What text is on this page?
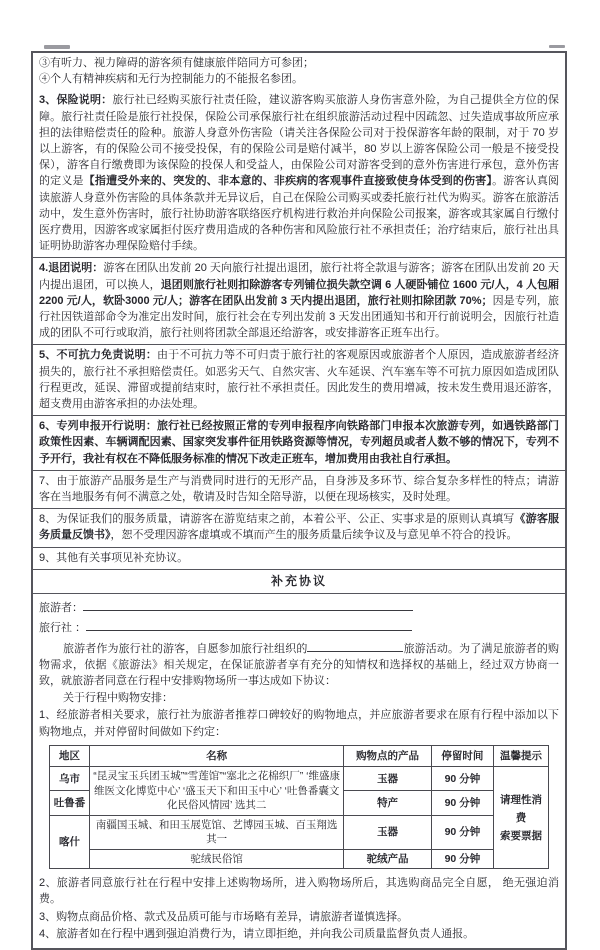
③有听力、视力障碍的游客须有健康旅伴陪同方可参团；
④个人有精神疾病和无行为控制能力的不能报名参团。
3、保险说明：旅行社已经购买旅行社责任险，建议游客购买旅游人身伤害意外险，为自己提供全方位的保障。旅行社责任险是旅行社投保，保险公司承保旅行社在组织旅游活动过程中因疏忽、过失造成事故所应承担的法律赔偿责任的险种。旅游人身意外伤害险（请关注各保险公司对于投保游客年龄的限制，对于 70 岁以上游客，有的保险公司不接受投保，有的保险公司是赔付减半，80 岁以上游客保险公司一般是不接受投保），游客自行缴费即为该保险的投保人和受益人，由保险公司对游客受到的意外伤害进行承包，意外伤害的定义是【指遭受外来的、突发的、非本意的、非疾病的客观事件直接致使身体受到的伤害】。游客认真阅读旅游人身意外伤害险的具体条款并无异议后，自己在保险公司购买或委托旅行社代为购买。游客在旅游活动中，发生意外伤害时，旅行社协助游客联络医疗机构进行救治并向保险公司报案，游客或其家属自行缴付医疗费用，因游客或家属拒付医疗费用造成的各种伤害和风险旅行社不承担责任；治疗结束后，旅行社出具证明协助游客办理保险赔付手续。
4.退团说明：游客在团队出发前 20 天向旅行社提出退团，旅行社将全款退与游客；游客在团队出发前 20 天内提出退团，可以换人，退团则旅行社则扣除游客专列铺位损失款空调 6 人硬卧铺位 1600 元/人，4 人包厢 2200 元/人，软卧3000 元/人；游客在团队出发前 3 天内提出退团，旅行社则扣除团款 70%；因是专列，旅行社因铁道部命令为准定出发时间，旅行社会在专列出发前 3 天发出团通知书和开行前说明会，因旅行社造成的团队不可行或取消，旅行社则将团款全部退还给游客，或安排游客正班车出行。
5、不可抗力免责说明：由于不可抗力等不可归责于旅行社的客观原因或旅游者个人原因，造成旅游者经济损失的，旅行社不承担赔偿责任。如恶劣天气、自然灾害、火车延误、汽车塞车等不可抗力原因如造成团队行程更改，延误、滞留或提前结束时，旅行社不承担责任。因此发生的费用增减，按未发生费用退还游客，超支费用由游客承担的办法处理。
6、专列申报开行说明：旅行社已经按照正常的专列申报程序向铁路部门申报本次旅游专列，如遇铁路部门政策性因素、车辆调配因素、国家突发事件征用铁路资源等情况，专列超员或者人数不够的情况下，专列不予开行，我社有权在不降低服务标准的情况下改走正班车，增加费用由我社自行承担。
7、由于旅游产品服务是生产与消费同时进行的无形产品，自身涉及多环节、综合复杂多样性的特点；请游客在当地服务有何不满意之处，敬请及时告知全陪导游，以便在现场核实，及时处理。
8、为保证我们的服务质量，请游客在游览结束之前，本着公平、公正、实事求是的原则认真填写《游客服务质量反馈书》，恕不受理因游客虚填或不填而产生的服务质量后续争议及与意见单不符合的投诉。
9、其他有关事项见补充协议。
补充协议
旅游者：
旅行社 ：
旅游者作为旅行社的游客，自愿参加旅行社组织的	旅游活动。为了满足旅游者的购物需求，依据《旅游法》相关规定，在保证旅游者享有充分的知情权和选择权的基础上，经过双方协商一致，就旅游者同意在行程中安排购物场所一事达成如下协议：
关于行程中购物安排：
1、经旅游者相关要求，旅行社为旅游者推荐口碑较好的购物地点，并应旅游者要求在原有行程中添加以下购物地点，并对停留时间做如下约定：
地区	名称	购物点的产品	停留时间	温馨提示
乌市	“昆灵宝玉兵团玉城”“雪莲馆”“塞北之花棉织厂” ‘维盛康维医文化博览中心’ ‘盛玉天下和田玉中心’ ‘吐鲁番囊文化民俗风情园’ 选其二	玉器	90 分钟	请理性消费
索要票据

吐鲁番		特产	90 分钟	
喀什	南疆国玉城、和田玉展览馆、艺博园玉城、百玉翔选其一	玉器	90 分钟	
	驼绒民俗馆	驼绒产品	90 分钟	
2、旅游者同意旅行社在行程中安排上述购物场所，进入购物场所后，其选购商品完全自愿， 绝无强迫消费。
3、购物点商品价格、款式及品质可能与市场略有差异，请旅游者谨慎选择。
4、旅游者如在行程中遇到强迫消费行为，请立即拒绝，并向我公司质量监督负责人通报。
